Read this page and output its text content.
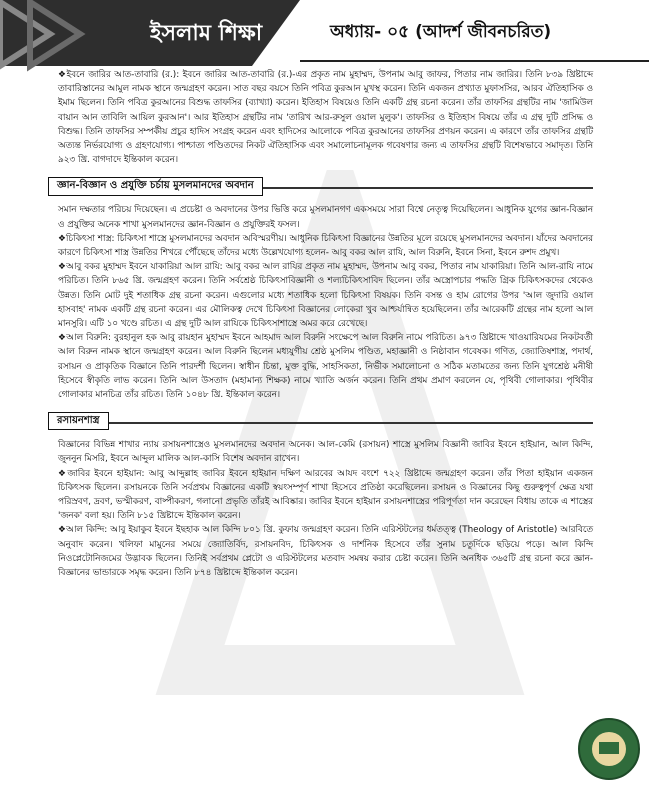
ইসলাম শিক্ষা	অধ্যায়- ০৫ (আদর্শ জীবনচরিত)

❖ ইবনে জারির আত-তাবারি (র.): ইবনে জারির আত-তাবারি (র.)-এর প্রকৃত নাম মুহাম্মদ, উপনাম আবু জাফর, পিতার নাম জারির। তিনি ৮৩৯ খ্রিষ্টাব্দে তাবারিস্তানের আমুল নামক স্থানে জন্মগ্রহণ করেন। সাত বছর বয়সে তিনি পবিত্র কুরআন মুখস্থ করেন। তিনি একজন প্রখ্যাত মুফাসসির, আরব ঐতিহাসিক ও ইমাম ছিলেন। তিনি পবিত্র কুরআনের বিশুদ্ধ তাফসির (ব্যাখ্যা) করেন। ইতিহাস বিষয়েও তিনি একটি গ্রন্থ রচনা করেন। তাঁর তাফসির গ্রন্থটির নাম 'জামিউল বায়ান আন তাবিলি আয়িল কুরআন'। আর ইতিহাস গ্রন্থটির নাম 'তারিখ আর-রুসুল ওয়াল মুলুক'। তাফসির ও ইতিহাস বিষয়ে তাঁর এ গ্রন্থ দুটি প্রসিদ্ধ ও বিশুদ্ধ। তিনি তাফসির সম্পর্কীয় প্রচুর হাদিস সংগ্রহ করেন এবং হাদিসের আলোকে পবিত্র কুরআনের তাফসির প্রণয়ন করেন। এ কারণে তাঁর তাফসির গ্রন্থটি অত্যন্ত নির্ভরযোগ্য ও গ্রহণযোগ্য। পাশ্চাত্য পণ্ডিতদের নিকট ঐতিহাসিক এবং সমালোচনামূলক গবেষণার জন্য এ তাফসির গ্রন্থটি বিশেষভাবে সমাদৃত। তিনি ৯২৩ খ্রি. বাগদাদে ইন্তিকাল করেন।

জ্ঞান-বিজ্ঞান ও প্রযুক্তি চর্চায় মুসলমানদের অবদান

সমান দক্ষতার পরিচয় দিয়েছেন। এ প্রচেষ্টা ও অবদানের উপর ভিত্তি করে মুসলমানগণ একসময়ে সারা বিশ্বে নেতৃত্ব দিয়েছিলেন। আধুনিক যুগের জ্ঞান-বিজ্ঞান ও প্রযুক্তির অনেক শাখা মুসলমানদের জ্ঞান-বিজ্ঞান ও প্রযুক্তিরই ফসল।

❖ চিকিৎসা শাস্ত্র: চিকিৎসা শাস্ত্রে মুসলমানদের অবদান অবিস্মরণীয়। আধুনিক চিকিৎসা বিজ্ঞানের উন্নতির মূলে রয়েছে মুসলমানদের অবদান। যাঁদের অবদানের কারণে চিকিৎসা শাস্ত্র উন্নতির শিখরে পৌঁছেছে তাঁদের মধ্যে উল্লেখযোগ্য হলেন- আবু বকর আল রাযি, আল বিরুনি, ইবনে সিনা, ইবনে রুশদ প্রমুখ।

❖ আবু বকর মুহাম্মদ ইবনে যাকারিয়া আল রাযি: আবু বকর আল রাযির প্রকৃত নাম মুহাম্মদ, উপনাম আবু বকর, পিতার নাম যাকারিয়া। তিনি আল-রাযি নামে পরিচিত। তিনি ৮৬৫ খ্রি. জন্মগ্রহণ করেন। তিনি সর্বশ্রেষ্ঠ চিকিৎসাবিজ্ঞানী ও শল্যচিকিৎসাবিদ ছিলেন। তাঁর অস্ত্রোপচার পদ্ধতি গ্রিক চিকিৎসকদের থেকেও উন্নত। তিনি মোট দুই শতাধিক গ্রন্থ রচনা করেন। এগুলোর মধ্যে শতাধিক হলো চিকিৎসা বিষয়ক। তিনি বসন্ত ও হাম রোগের উপর 'আল জুদারি ওয়াল হাসবাহ' নামক একটি গ্রন্থ রচনা করেন। এর মৌলিকত্ব দেখে চিকিৎসা বিজ্ঞানের লোকেরা খুব আশ্চর্যান্বিত হয়েছিলেন। তাঁর আরেকটি গ্রন্থের নাম হলো আল মানসুরি। এটি ১০ খণ্ডে রচিত। এ গ্রন্থ দুটি আল রাযিকে চিকিৎসাশাস্ত্রে অমর করে রেখেছে।

❖ আল বিরুনি: বুরহানুল হক আবু রায়হান মুহাম্মদ ইবনে আহমাদ আল বিরুনি সংক্ষেপে আল বিরুনি নামে পরিচিত। ৯৭৩ খ্রিষ্টাব্দে খাওয়ারিযমের নিকটবর্তী আল বিরুন নামক স্থানে জন্মগ্রহণ করেন। আল বিরুনি ছিলেন মধ্যযুগীয় শ্রেষ্ঠ মুসলিম পণ্ডিত, মহাজ্ঞানী ও নিষ্ঠাবান গবেষক। গণিত, জ্যোতিষশাস্ত্র, পদার্থ, রসায়ন ও প্রাকৃতিক বিজ্ঞানে তিনি পারদর্শী ছিলেন। স্বাধীন চিন্তা, মুক্ত বুদ্ধি, সাহসিকতা, নির্ভীক সমালোচনা ও সঠিক মতামতের জন্য তিনি যুগশ্রেষ্ঠ মনীষী হিসেবে স্বীকৃতি লাভ করেন। তিনি আল উসতাদ (মহামান্য শিক্ষক) নামে খ্যাতি অর্জন করেন। তিনি প্রথম প্রমাণ করলেন যে, পৃথিবী গোলাকার। পৃথিবীর গোলাকার মানচিত্র তাঁর রচিত। তিনি ১০৪৮ খ্রি. ইন্তিকাল করেন।

রসায়নশাস্ত্র

বিজ্ঞানের বিভিন্ন শাখার ন্যায় রসায়নশাস্ত্রেও মুসলমানদের অবদান অনেক। আল-কেমি (রসায়ন) শাস্ত্রে মুসলিম বিজ্ঞানী জাবির ইবনে হাইয়ান, আল কিন্দি, জুননুন মিসরি, ইবনে আব্দুল মালিক আল-কাসি বিশেষ অবদান রাখেন।

❖ জাবির ইবনে হাইয়ান: আবু আব্দুল্লাহ জাবির ইবনে হাইয়ান দক্ষিণ আরবের আযদ বংশে ৭২২ খ্রিষ্টাব্দে জন্মগ্রহণ করেন। তাঁর পিতা হাইয়ান একজন চিকিৎসক ছিলেন। রসায়নকে তিনি সর্বপ্রথম বিজ্ঞানের একটি স্বয়ংসম্পূর্ণ শাখা হিসেবে প্রতিষ্ঠা করেছিলেন। রসায়ন ও বিজ্ঞানের কিছু গুরুত্বপূর্ণ ক্ষেত্র যথা পরিস্রবণ, দ্রবণ, ভস্মীকরণ, বাষ্পীকরণ, গলানো প্রভৃতি তাঁরই আবিষ্কার। জাবির ইবনে হাইয়ান রসায়নশাস্ত্রের পরিপূর্ণতা দান করেছেন বিধায় তাকে এ শাস্ত্রের 'জনক' বলা হয়। তিনি ৮১৫ খ্রিষ্টাব্দে ইন্তিকাল করেন।

❖ আল কিন্দি: আবু ইয়াকুব ইবনে ইছহাক আল কিন্দি ৮০১ খ্রি. কুফায় জন্মগ্রহণ করেন। তিনি এরিস্টটলের ধর্মতত্ত্ব (Theology of Aristotle) আরবিতে অনুবাদ করেন। খলিফা মামুনের সময়ে জ্যোতির্বিদ, রসায়নবিদ, চিকিৎসক ও দার্শনিক হিসেবে তাঁর সুনাম চতুর্দিকে ছড়িয়ে পড়ে। আল কিন্দি নিওপ্লেটোনিজমের উদ্ভাবক ছিলেন। তিনিই সর্বপ্রথম প্লেটো ও এরিস্টটলের মতবাদ সমন্বয় করার চেষ্টা করেন। তিনি অনধিক ৩৬৫টি গ্রন্থ রচনা করে জ্ঞান-বিজ্ঞানের ভান্ডারকে সমৃদ্ধ করেন। তিনি ৮৭৪ খ্রিষ্টাব্দে ইন্তিকাল করেন।
